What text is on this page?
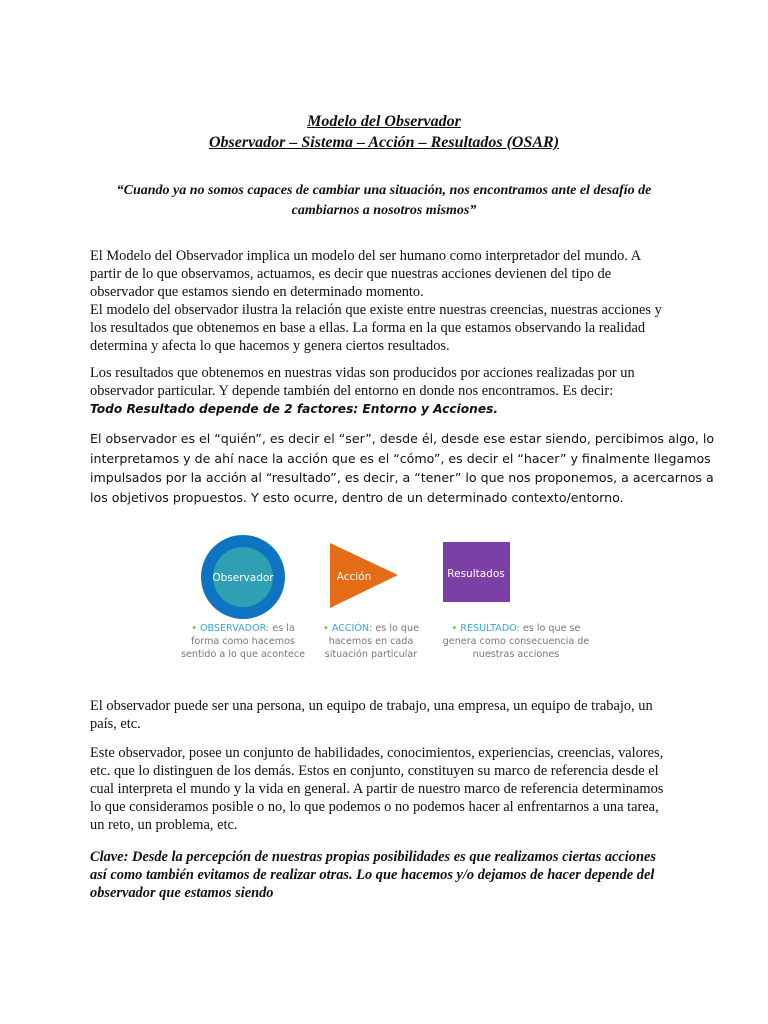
Modelo del Observador
Observador – Sistema – Acción – Resultados (OSAR)
“Cuando ya no somos capaces de cambiar una situación, nos encontramos ante el desafío de
cambiarnos a nosotros mismos”
El Modelo del Observador implica un modelo del ser humano como interpretador del mundo. A
partir de lo que observamos, actuamos, es decir que nuestras acciones devienen del tipo de
observador que estamos siendo en determinado momento.
El modelo del observador ilustra la relación que existe entre nuestras creencias, nuestras acciones y
los resultados que obtenemos en base a ellas. La forma en la que estamos observando la realidad
determina y afecta lo que hacemos y genera ciertos resultados.
Los resultados que obtenemos en nuestras vidas son producidos por acciones realizadas por un
observador particular. Y depende también del entorno en donde nos encontramos. Es decir:
Todo Resultado depende de 2 factores: Entorno y Acciones.
El observador es el “quién”, es decir el “ser”, desde él, desde ese estar siendo, percibimos algo, lo
interpretamos y de ahí nace la acción que es el “cómo”, es decir el “hacer” y finalmente llegamos
impulsados por la acción al “resultado”, es decir, a “tener” lo que nos proponemos, a acercarnos a
los objetivos propuestos. Y esto ocurre, dentro de un determinado contexto/entorno.
Observador	Acción	Resultados
• OBSERVADOR: es la
forma como hacemos
sentido a lo que acontece
• ACCIÓN: es lo que
hacemos en cada
situación particular
• RESULTADO: es lo que se
genera como consecuencia de
nuestras acciones
El observador puede ser una persona, un equipo de trabajo, una empresa, un equipo de trabajo, un
país, etc.
Este observador, posee un conjunto de habilidades, conocimientos, experiencias, creencias, valores,
etc. que lo distinguen de los demás. Estos en conjunto, constituyen su marco de referencia desde el
cual interpreta el mundo y la vida en general. A partir de nuestro marco de referencia determinamos
lo que consideramos posible o no, lo que podemos o no podemos hacer al enfrentarnos a una tarea,
un reto, un problema, etc.
Clave: Desde la percepción de nuestras propias posibilidades es que realizamos ciertas acciones
así como también evitamos de realizar otras. Lo que hacemos y/o dejamos de hacer depende del
observador que estamos siendo
